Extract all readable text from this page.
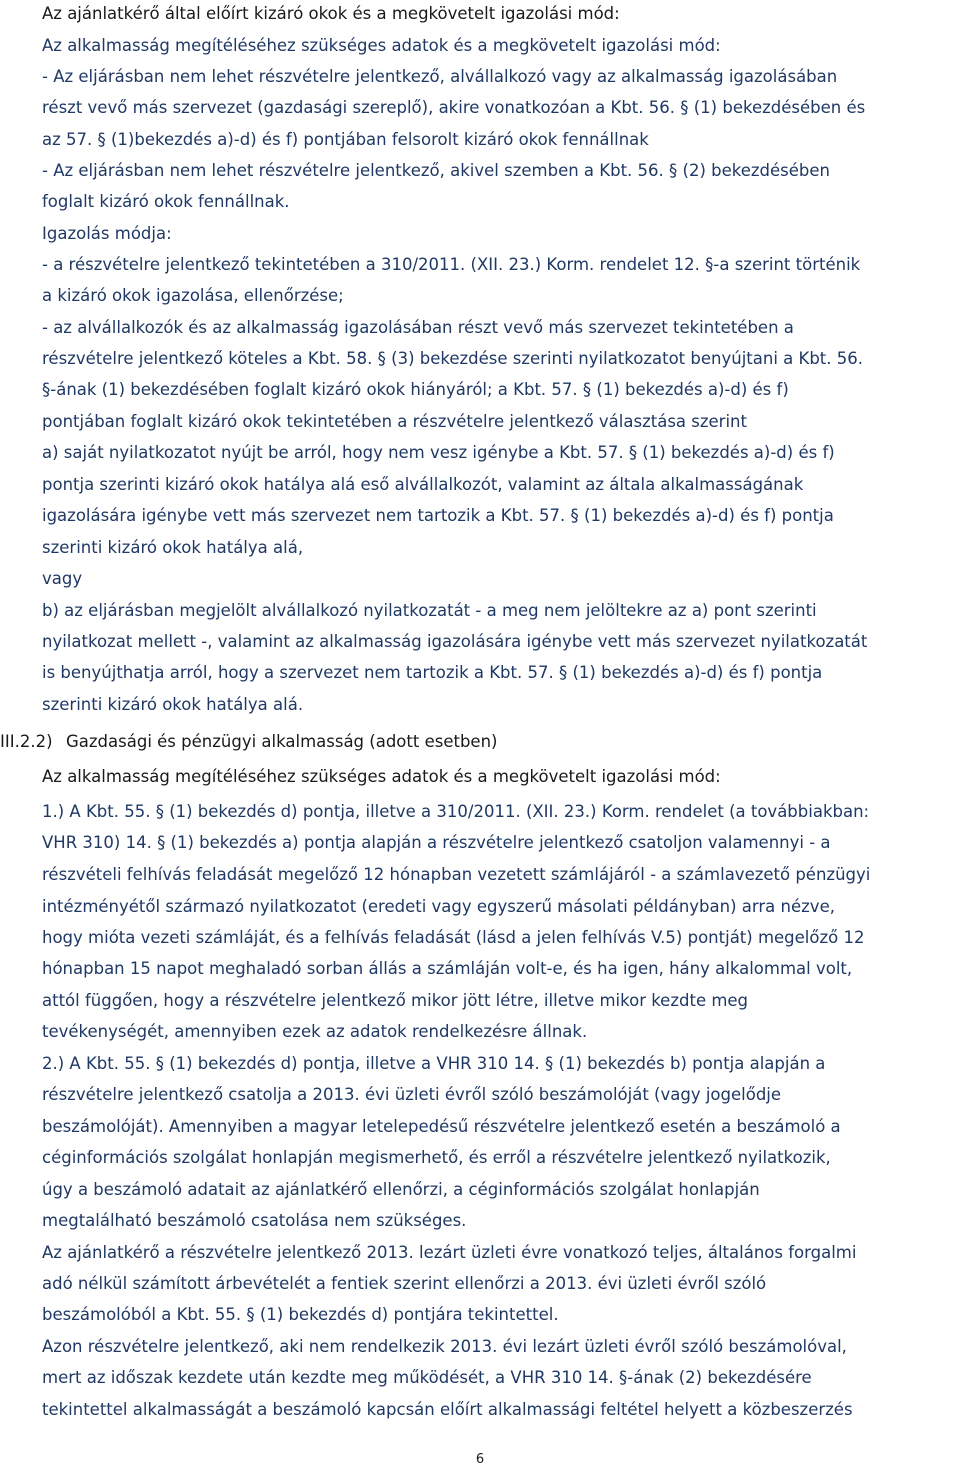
Az ajánlatkérő által előírt kizáró okok és a megkövetelt igazolási mód:
Az alkalmasság megítéléséhez szükséges adatok és a megkövetelt igazolási mód:
- Az eljárásban nem lehet részvételre jelentkező, alvállalkozó vagy az alkalmasság igazolásában
részt vevő más szervezet (gazdasági szereplő), akire vonatkozóan a Kbt. 56. § (1) bekezdésében és
az 57. § (1)bekezdés a)-d) és f) pontjában felsorolt kizáró okok fennállnak
- Az eljárásban nem lehet részvételre jelentkező, akivel szemben a Kbt. 56. § (2) bekezdésében
foglalt kizáró okok fennállnak.
Igazolás módja:
- a részvételre jelentkező tekintetében a 310/2011. (XII. 23.) Korm. rendelet 12. §-a szerint történik
a kizáró okok igazolása, ellenőrzése;
- az alvállalkozók és az alkalmasság igazolásában részt vevő más szervezet tekintetében a
részvételre jelentkező köteles a Kbt. 58. § (3) bekezdése szerinti nyilatkozatot benyújtani a Kbt. 56.
§-ának (1) bekezdésében foglalt kizáró okok hiányáról; a Kbt. 57. § (1) bekezdés a)-d) és f)
pontjában foglalt kizáró okok tekintetében a részvételre jelentkező választása szerint
a) saját nyilatkozatot nyújt be arról, hogy nem vesz igénybe a Kbt. 57. § (1) bekezdés a)-d) és f)
pontja szerinti kizáró okok hatálya alá eső alvállalkozót, valamint az általa alkalmasságának
igazolására igénybe vett más szervezet nem tartozik a Kbt. 57. § (1) bekezdés a)-d) és f) pontja
szerinti kizáró okok hatálya alá,
vagy
b) az eljárásban megjelölt alvállalkozó nyilatkozatát - a meg nem jelöltekre az a) pont szerinti
nyilatkozat mellett -, valamint az alkalmasság igazolására igénybe vett más szervezet nyilatkozatát
is benyújthatja arról, hogy a szervezet nem tartozik a Kbt. 57. § (1) bekezdés a)-d) és f) pontja
szerinti kizáró okok hatálya alá.
III.2.2) Gazdasági és pénzügyi alkalmasság (adott esetben)
Az alkalmasság megítéléséhez szükséges adatok és a megkövetelt igazolási mód:
1.) A Kbt. 55. § (1) bekezdés d) pontja, illetve a 310/2011. (XII. 23.) Korm. rendelet (a továbbiakban:
VHR 310) 14. § (1) bekezdés a) pontja alapján a részvételre jelentkező csatoljon valamennyi - a
részvételi felhívás feladását megelőző 12 hónapban vezetett számlájáról - a számlavezető pénzügyi
intézményétől származó nyilatkozatot (eredeti vagy egyszerű másolati példányban) arra nézve,
hogy mióta vezeti számláját, és a felhívás feladását (lásd a jelen felhívás V.5) pontját) megelőző 12
hónapban 15 napot meghaladó sorban állás a számláján volt-e, és ha igen, hány alkalommal volt,
attól függően, hogy a részvételre jelentkező mikor jött létre, illetve mikor kezdte meg
tevékenységét, amennyiben ezek az adatok rendelkezésre állnak.
2.) A Kbt. 55. § (1) bekezdés d) pontja, illetve a VHR 310 14. § (1) bekezdés b) pontja alapján a
részvételre jelentkező csatolja a 2013. évi üzleti évről szóló beszámolóját (vagy jogelődje
beszámolóját). Amennyiben a magyar letelepedésű részvételre jelentkező esetén a beszámoló a
céginformációs szolgálat honlapján megismerhető, és erről a részvételre jelentkező nyilatkozik,
úgy a beszámoló adatait az ajánlatkérő ellenőrzi, a céginformációs szolgálat honlapján
megtalálható beszámoló csatolása nem szükséges.
Az ajánlatkérő a részvételre jelentkező 2013. lezárt üzleti évre vonatkozó teljes, általános forgalmi
adó nélkül számított árbevételét a fentiek szerint ellenőrzi a 2013. évi üzleti évről szóló
beszámolóból a Kbt. 55. § (1) bekezdés d) pontjára tekintettel.
Azon részvételre jelentkező, aki nem rendelkezik 2013. évi lezárt üzleti évről szóló beszámolóval,
mert az időszak kezdete után kezdte meg működését, a VHR 310 14. §-ának (2) bekezdésére
tekintettel alkalmasságát a beszámoló kapcsán előírt alkalmassági feltétel helyett a közbeszerzés
6
